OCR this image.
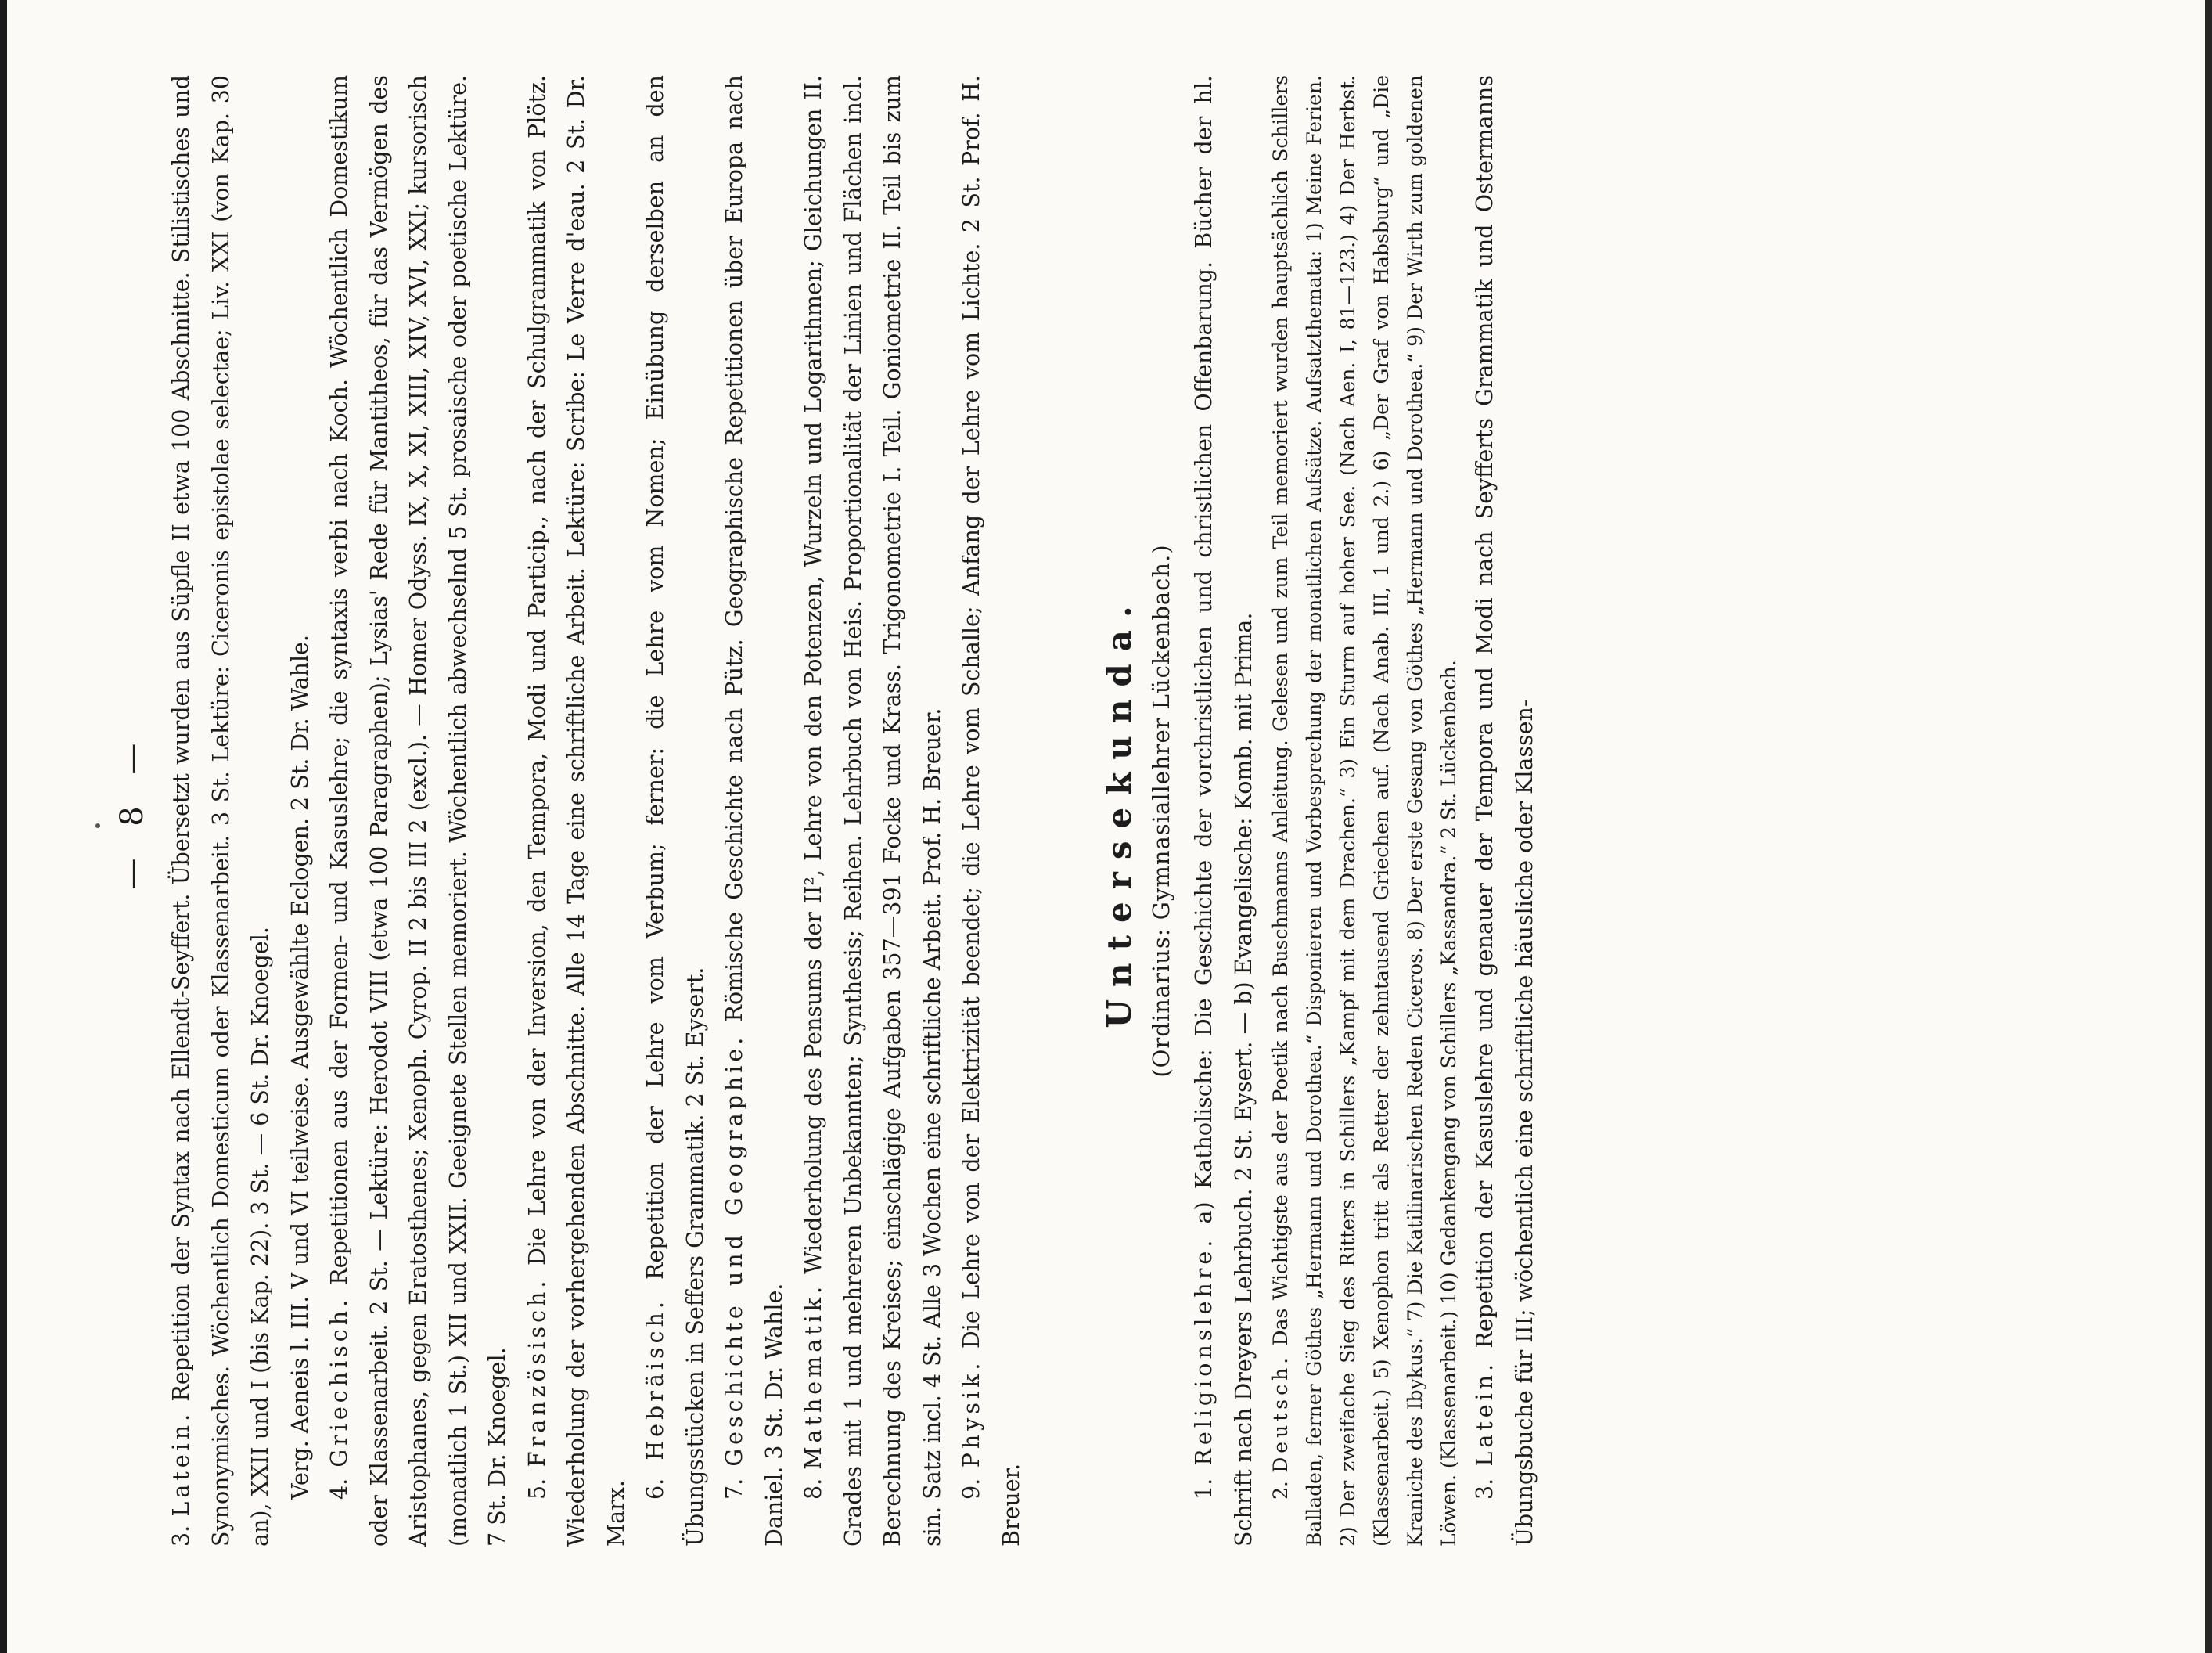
— 8 —

3. Latein. Repetition der Syntax nach Ellendt-Seyffert. Übersetzt wurden aus Süpfle II etwa 100 Abschnitte. Stilistisches und Synonymisches. Wöchentlich Domesticum oder Klassenarbeit. 3 St. Lektüre: Ciceronis epistolae selectae; Liv. XXI (von Kap. 30 an), XXII und I (bis Kap. 22). 3 St. — 6 St. Dr. Knoegel. Verg. Aeneis l. III. V und VI teilweise. Ausgewählte Eclogen. 2 St. Dr. Wahle. 4. Griechisch. Repetitionen aus der Formen- und Kasuslehre; die syntaxis verbi nach Koch. Wöchentlich Domestikum oder Klassenarbeit. 2 St. — Lektüre: Herodot VIII (etwa 100 Paragraphen); Lysias' Rede für Mantitheos, für das Vermögen des Aristophanes, gegen Eratosthenes; Xenoph. Cyrop. II 2 bis III 2 (excl.). — Homer Odyss. IX, X, XI, XIII, XIV, XVI, XXI; kursorisch (monatlich 1 St.) XII und XXII. Geeignete Stellen memoriert. Wöchentlich abwechselnd 5 St. prosaische oder poetische Lektüre. 7 St. Dr. Knoegel. 5. Französisch. Die Lehre von der Inversion, den Tempora, Modi und Particip., nach der Schulgrammatik von Plötz. Wiederholung der vorhergehenden Abschnitte. Alle 14 Tage eine schriftliche Arbeit. Lektüre: Scribe: Le Verre d'eau. 2 St. Dr. Marx. 6. Hebräisch. Repetition der Lehre vom Verbum; ferner: die Lehre vom Nomen; Einübung derselben an den Übungsstücken in Seffers Grammatik. 2 St. Eysert. 7. Geschichte und Geographie. Römische Geschichte nach Pütz. Geographische Repetitionen über Europa nach Daniel. 3 St. Dr. Wahle. 8. Mathematik. Wiederholung des Pensums der II², Lehre von den Potenzen, Wurzeln und Logarithmen; Gleichungen II. Grades mit 1 und mehreren Unbekannten; Synthesis; Reihen. Lehrbuch von Heis. Proportionalität der Linien und Flächen incl. Berechnung des Kreises; einschlägige Aufgaben 357—391 Focke und Krass. Trigonometrie I. Teil. Goniometrie II. Teil bis zum sin. Satz incl. 4 St. Alle 3 Wochen eine schriftliche Arbeit. Prof. H. Breuer. 9. Physik. Die Lehre von der Elektrizität beendet; die Lehre vom Schalle; Anfang der Lehre vom Lichte. 2 St. Prof. H. Breuer.

Untersekunda. (Ordinarius: Gymnasiallehrer Lückenbach.)

1. Religionslehre. a) Katholische: Die Geschichte der vorchristlichen und christlichen Offenbarung. Bücher der hl. Schrift nach Dreyers Lehrbuch. 2 St. Eysert. — b) Evangelische: Komb. mit Prima. 2. Deutsch. Das Wichtigste aus der Poetik nach Buschmanns Anleitung. Gelesen und zum Teil memoriert wurden hauptsächlich Schillers Balladen, ferner Göthes „Hermann und Dorothea.“ Disponieren und Vorbesprechung der monatlichen Aufsätze. Aufsatzthemata: 1) Meine Ferien. 2) Der zweifache Sieg des Ritters in Schillers „Kampf mit dem Drachen.“ 3) Ein Sturm auf hoher See. (Nach Aen. I, 81—123.) 4) Der Herbst. (Klassenarbeit.) 5) Xenophon tritt als Retter der zehntausend Griechen auf. (Nach Anab. III, 1 und 2.) 6) „Der Graf von Habsburg“ und „Die Kraniche des Ibykus.“ 7) Die Katilinarischen Reden Ciceros. 8) Der erste Gesang von Göthes „Hermann und Dorothea.“ 9) Der Wirth zum goldenen Löwen. (Klassenarbeit.) 10) Gedankengang von Schillers „Kassandra.“ 2 St. Lückenbach. 3. Latein. Repetition der Kasuslehre und genauer der Tempora und Modi nach Seyfferts Grammatik und Ostermanns Übungsbuche für III; wöchentlich eine schriftliche häusliche oder Klassen-
